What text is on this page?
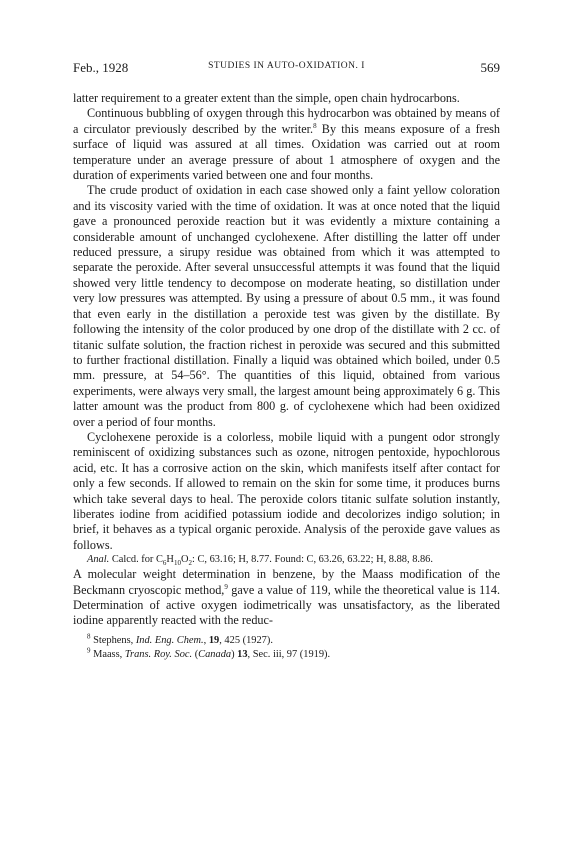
Feb., 1928	STUDIES IN AUTO-OXIDATION. I	569

latter requirement to a greater extent than the simple, open chain hydrocarbons.

Continuous bubbling of oxygen through this hydrocarbon was obtained by means of a circulator previously described by the writer.$^8$ By this means exposure of a fresh surface of liquid was assured at all times. Oxidation was carried out at room temperature under an average pressure of about 1 atmosphere of oxygen and the duration of experiments varied between one and four months.

The crude product of oxidation in each case showed only a faint yellow coloration and its viscosity varied with the time of oxidation. It was at once noted that the liquid gave a pronounced peroxide reaction but it was evidently a mixture containing a considerable amount of unchanged cyclohexene. After distilling the latter off under reduced pressure, a sirupy residue was obtained from which it was attempted to separate the peroxide. After several unsuccessful attempts it was found that the liquid showed very little tendency to decompose on moderate heating, so distillation under very low pressures was attempted. By using a pressure of about 0.5 mm., it was found that even early in the distillation a peroxide test was given by the distillate. By following the intensity of the color produced by one drop of the distillate with 2 cc. of titanic sulfate solution, the fraction richest in peroxide was secured and this submitted to further fractional distillation. Finally a liquid was obtained which boiled, under 0.5 mm. pressure, at 54–56°. The quantities of this liquid, obtained from various experiments, were always very small, the largest amount being approximately 6 g. This latter amount was the product from 800 g. of cyclohexene which had been oxidized over a period of four months.

Cyclohexene peroxide is a colorless, mobile liquid with a pungent odor strongly reminiscent of oxidizing substances such as ozone, nitrogen pentoxide, hypochlorous acid, etc. It has a corrosive action on the skin, which manifests itself after contact for only a few seconds. If allowed to remain on the skin for some time, it produces burns which take several days to heal. The peroxide colors titanic sulfate solution instantly, liberates iodine from acidified potassium iodide and decolorizes indigo solution; in brief, it behaves as a typical organic peroxide. Analysis of the peroxide gave values as follows.

Anal. Calcd. for $C_6H_{10}O_2$: C, 63.16; H, 8.77. Found: C, 63.26, 63.22; H, 8.88, 8.86.

A molecular weight determination in benzene, by the Maass modification of the Beckmann cryoscopic method,$^9$ gave a value of 119, while the theoretical value is 114. Determination of active oxygen iodimetrically was unsatisfactory, as the liberated iodine apparently reacted with the reduc-

$^8$ Stephens, Ind. Eng. Chem., 19, 425 (1927).
$^9$ Maass, Trans. Roy. Soc. (Canada) 13, Sec. iii, 97 (1919).
